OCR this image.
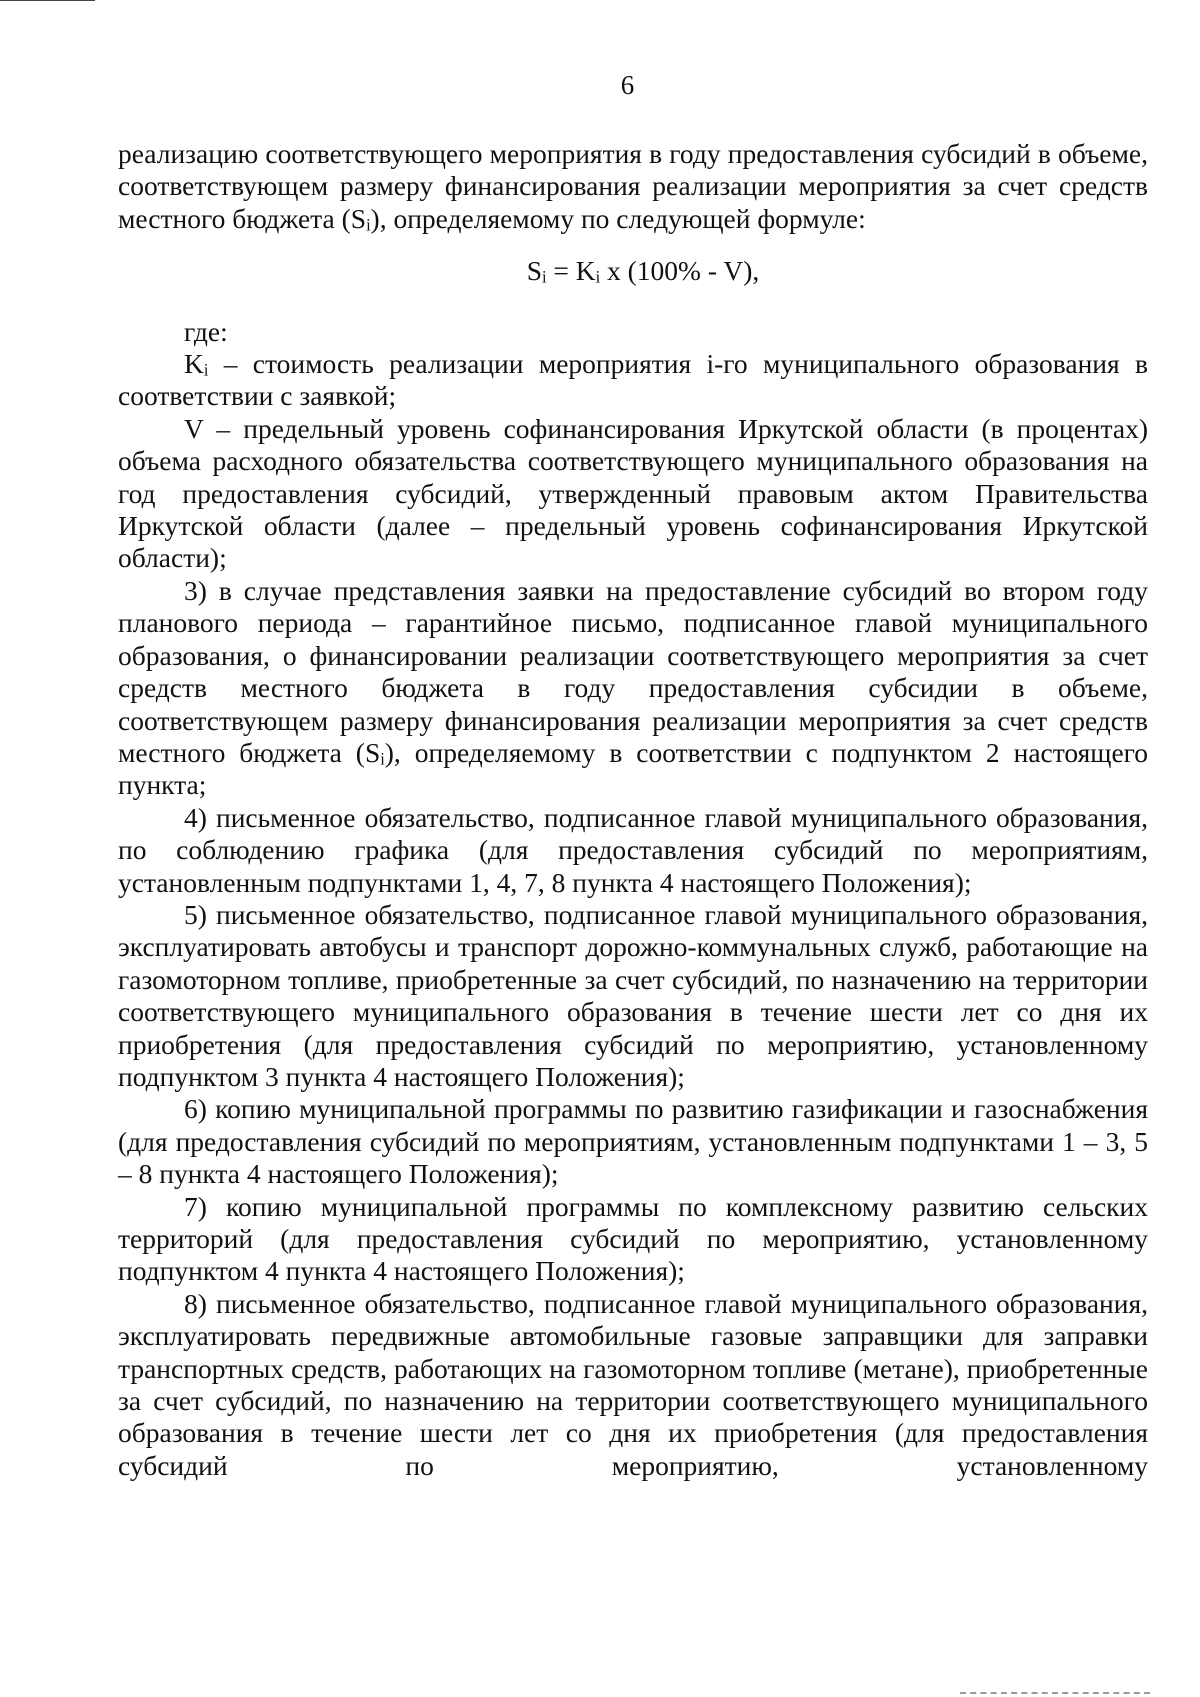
6

реализацию соответствующего мероприятия в году предоставления субсидий в объеме, соответствующем размеру финансирования реализации мероприятия за счет средств местного бюджета (Sᵢ), определяемому по следующей формуле:

Sᵢ = Kᵢ x (100% - V),

где:

Kᵢ – стоимость реализации мероприятия i-го муниципального образования в соответствии с заявкой;

V – предельный уровень софинансирования Иркутской области (в процентах) объема расходного обязательства соответствующего муниципального образования на год предоставления субсидий, утвержденный правовым актом Правительства Иркутской области (далее – предельный уровень софинансирования Иркутской области);

3) в случае представления заявки на предоставление субсидий во втором году планового периода – гарантийное письмо, подписанное главой муниципального образования, о финансировании реализации соответствующего мероприятия за счет средств местного бюджета в году предоставления субсидии в объеме, соответствующем размеру финансирования реализации мероприятия за счет средств местного бюджета (Sᵢ), определяемому в соответствии с подпунктом 2 настоящего пункта;

4) письменное обязательство, подписанное главой муниципального образования, по соблюдению графика (для предоставления субсидий по мероприятиям, установленным подпунктами 1, 4, 7, 8 пункта 4 настоящего Положения);

5) письменное обязательство, подписанное главой муниципального образования, эксплуатировать автобусы и транспорт дорожно-коммунальных служб, работающие на газомоторном топливе, приобретенные за счет субсидий, по назначению на территории соответствующего муниципального образования в течение шести лет со дня их приобретения (для предоставления субсидий по мероприятию, установленному подпунктом 3 пункта 4 настоящего Положения);

6) копию муниципальной программы по развитию газификации и газоснабжения (для предоставления субсидий по мероприятиям, установленным подпунктами 1 – 3, 5 – 8 пункта 4 настоящего Положения);

7) копию муниципальной программы по комплексному развитию сельских территорий (для предоставления субсидий по мероприятию, установленному подпунктом 4 пункта 4 настоящего Положения);

8) письменное обязательство, подписанное главой муниципального образования, эксплуатировать передвижные автомобильные газовые заправщики для заправки транспортных средств, работающих на газомоторном топливе (метане), приобретенные за счет субсидий, по назначению на территории соответствующего муниципального образования в течение шести лет со дня их приобретения (для предоставления субсидий по мероприятию, установленному
